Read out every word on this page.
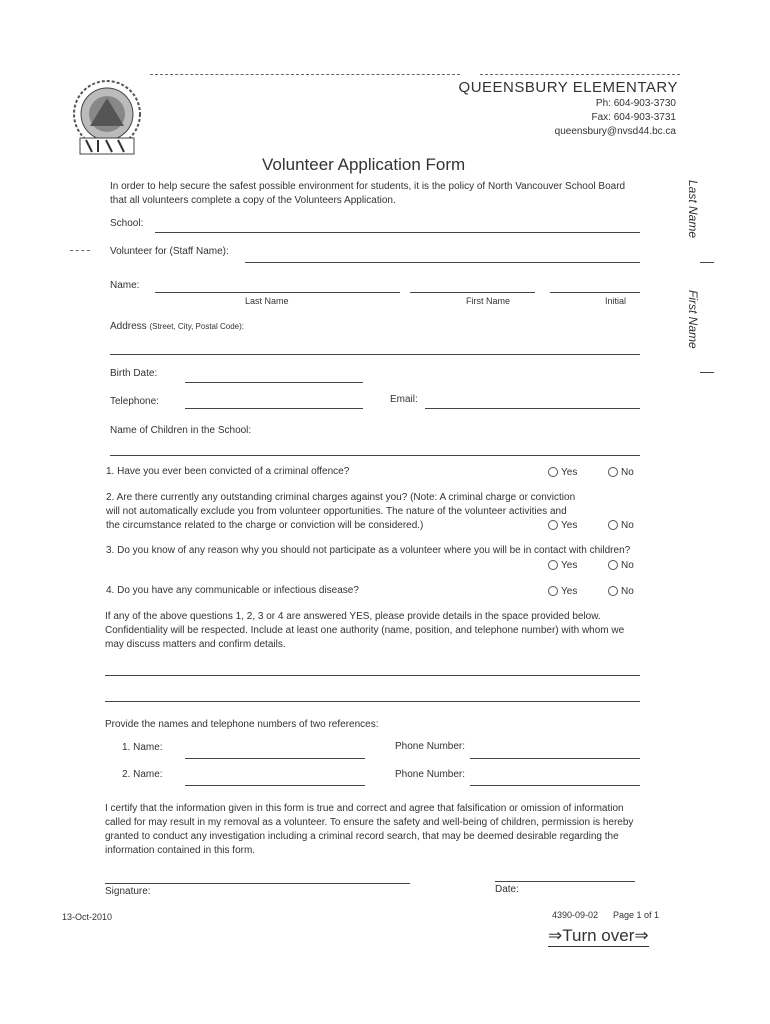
QUEENSBURY ELEMENTARY
Ph: 604-903-3730
Fax: 604-903-3731
queensbury@nvsd44.bc.ca
Volunteer Application Form
In order to help secure the safest possible environment for students, it is the policy of North Vancouver School Board that all volunteers complete a copy of the Volunteers Application.	Last Name
First Name
School:
Volunteer for (Staff Name):
Name:
Last Name	First Name	Initial
Address (Street, City, Postal Code):
Birth Date:
Telephone:	Email:
Name of Children in the School:
1. Have you ever been convicted of a criminal offence?	Yes	No
2. Are there currently any outstanding criminal charges against you? (Note: A criminal charge or conviction will not automatically exclude you from volunteer opportunities. The nature of the volunteer activities and the circumstance related to the charge or conviction will be considered.)	Yes	No
3. Do you know of any reason why you should not participate as a volunteer where you will be in contact with children?
Yes	No
4. Do you have any communicable or infectious disease?	Yes	No
If any of the above questions 1, 2, 3 or 4 are answered YES, please provide details in the space provided below. Confidentiality will be respected. Include at least one authority (name, position, and telephone number) with whom we may discuss matters and confirm details.
Provide the names and telephone numbers of two references:
1. Name:	Phone Number:
2. Name:	Phone Number:
I certify that the information given in this form is true and correct and agree that falsification or omission of information called for may result in my removal as a volunteer. To ensure the safety and well-being of children, permission is hereby granted to conduct any investigation including a criminal record search, that may be deemed desirable regarding the information contained in this form.
Signature:	Date:
13-Oct-2010	4390-09-02 Page 1 of 1
⇒Turn over⇒
